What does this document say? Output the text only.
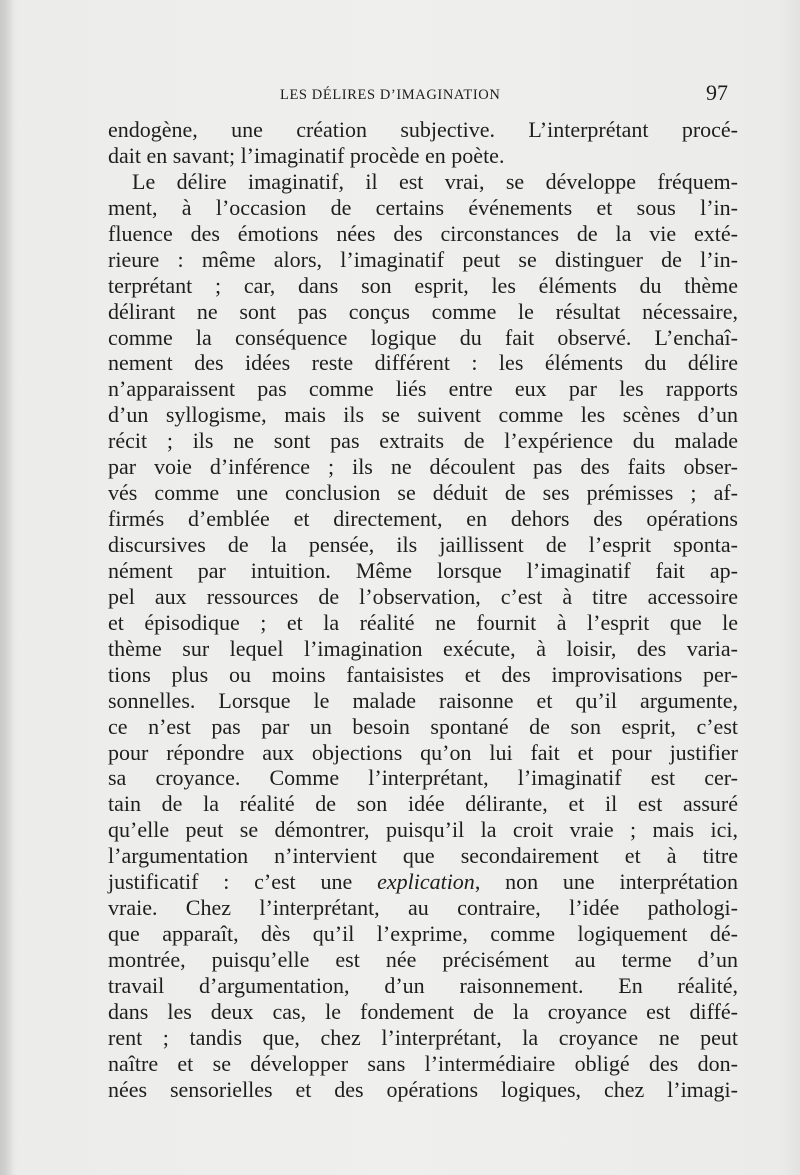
LES DÉLIRES D’IMAGINATION	97
endogène, une création subjective. L’interprétant procé-
dait en savant; l’imaginatif procède en poète.
Le délire imaginatif, il est vrai, se développe fréquem-
ment, à l’occasion de certains événements et sous l’in-
fluence des émotions nées des circonstances de la vie exté-
rieure : même alors, l’imaginatif peut se distinguer de l’in-
terprétant ; car, dans son esprit, les éléments du thème
délirant ne sont pas conçus comme le résultat nécessaire,
comme la conséquence logique du fait observé. L’enchaî-
nement des idées reste différent : les éléments du délire
n’apparaissent pas comme liés entre eux par les rapports
d’un syllogisme, mais ils se suivent comme les scènes d’un
récit ; ils ne sont pas extraits de l’expérience du malade
par voie d’inférence ; ils ne découlent pas des faits obser-
vés comme une conclusion se déduit de ses prémisses ; af-
firmés d’emblée et directement, en dehors des opérations
discursives de la pensée, ils jaillissent de l’esprit sponta-
nément par intuition. Même lorsque l’imaginatif fait ap-
pel aux ressources de l’observation, c’est à titre accessoire
et épisodique ; et la réalité ne fournit à l’esprit que le
thème sur lequel l’imagination exécute, à loisir, des varia-
tions plus ou moins fantaisistes et des improvisations per-
sonnelles. Lorsque le malade raisonne et qu’il argumente,
ce n’est pas par un besoin spontané de son esprit, c’est
pour répondre aux objections qu’on lui fait et pour justifier
sa croyance. Comme l’interprétant, l’imaginatif est cer-
tain de la réalité de son idée délirante, et il est assuré
qu’elle peut se démontrer, puisqu’il la croit vraie ; mais ici,
l’argumentation n’intervient que secondairement et à titre
justificatif : c’est une explication, non une interprétation
vraie. Chez l’interprétant, au contraire, l’idée pathologi-
que apparaît, dès qu’il l’exprime, comme logiquement dé-
montrée, puisqu’elle est née précisément au terme d’un
travail d’argumentation, d’un raisonnement. En réalité,
dans les deux cas, le fondement de la croyance est diffé-
rent ; tandis que, chez l’interprétant, la croyance ne peut
naître et se développer sans l’intermédiaire obligé des don-
nées sensorielles et des opérations logiques, chez l’imagi-
